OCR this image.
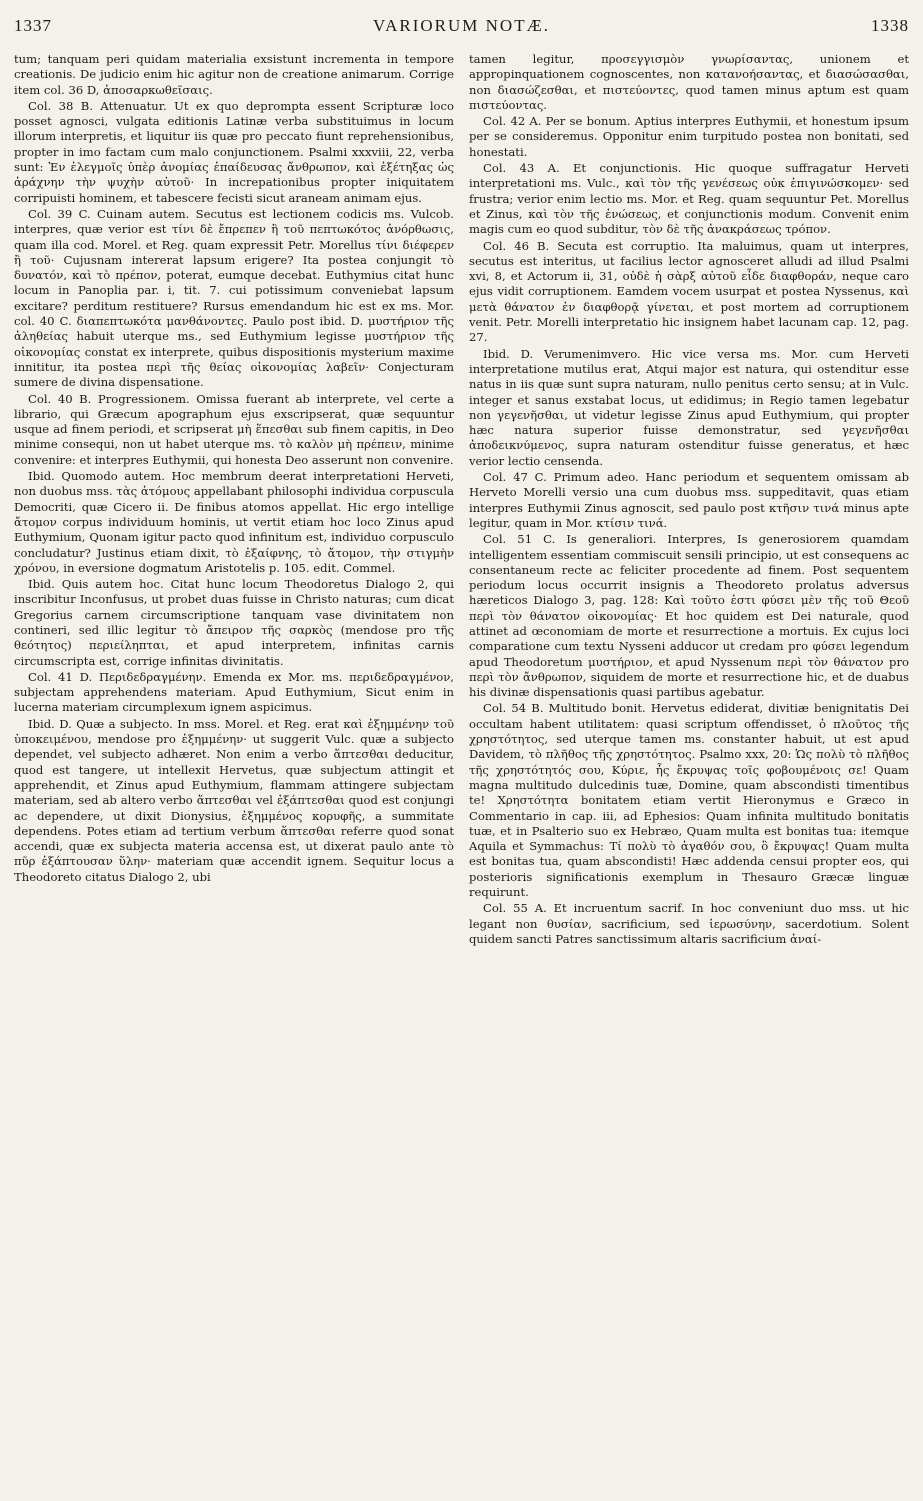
1337	VARIORUM NOTÆ.	1338

tum; tanquam peri quidam materialia exsistunt incrementa in tempore creationis. De judicio enim hic agitur non de creatione animarum. Corrige item col. 36 D, ἀποσαρκωθεῖσαις.

Col. 38 B. Attenuatur. Ut ex quo deprompta essent Scripturæ loco posset agnosci, vulgata editionis Latinæ verba substituimus in locum illorum interpretis, et liquitur iis quæ pro peccato fiunt reprehensionibus, propter in imo factam cum malo conjunctionem. Psalmi xxxviii, 22, verba sunt: Ἐν ἐλεγμοῖς ὑπὲρ ἀνομίας ἐπαίδευσας ἄνθρωπον, καὶ ἐξέτηξας ὡς ἀράχνην τὴν ψυχὴν αὐτοῦ· In increpationibus propter iniquitatem corripuisti hominem, et tabescere fecisti sicut araneam animam ejus.

Col. 39 C. Cuinam autem. Secutus est lectionem codicis ms. Vulcob. interpres, quæ verior est τίνι δὲ ἔπρεπεν ἢ τοῦ πεπτωκότος ἀνόρθωσις, quam illa cod. Morel. et Reg. quam expressit Petr. Morellus τίνι διέφερεν ἢ τοῦ· Cujusnam intererat lapsum erigere? Ita postea conjungit τὸ δυνατόν, καὶ τὸ πρέπον, poterat, eumque decebat. Euthymius citat hunc locum in Panoplia par. i, tit. 7. cui potissimum conveniebat lapsum excitare? perditum restituere? Rursus emendandum hic est ex ms. Mor. col. 40 C. διαπεπτωκότα μανθάνοντες. Paulo post ibid. D. μυστήριον τῆς ἀληθείας habuit uterque ms., sed Euthymium legisse μυστήριον τῆς οἰκονομίας constat ex interprete, quibus dispositionis mysterium maxime innititur, ita postea περὶ τῆς θείας οἰκονομίας λαβεῖν· Conjecturam sumere de divina dispensatione.

Col. 40 B. Progressionem. Omissa fuerant ab interprete, vel certe a librario, qui Græcum apographum ejus exscripserat, quæ sequuntur usque ad finem periodi, et scripserat μὴ ἕπεσθαι sub finem capitis, in Deo minime consequi, non ut habet uterque ms. τὸ καλὸν μὴ πρέπειν, minime convenire: et interpres Euthymii, qui honesta Deo asserunt non convenire.

Ibid. Quomodo autem. Hoc membrum deerat interpretationi Herveti, non duobus mss. τὰς ἀτόμους appellabant philosophi individua corpuscula Democriti, quæ Cicero ii. De finibus atomos appellat. Hic ergo intellige ἄτομον corpus individuum hominis, ut vertit etiam hoc loco Zinus apud Euthymium, Quonam igitur pacto quod infinitum est, individuo corpusculo concludatur? Justinus etiam dixit, τὸ ἐξαίφνης, τὸ ἄτομον, τὴν στιγμὴν χρόνου, in eversione dogmatum Aristotelis p. 105. edit. Commel.

Ibid. Quis autem hoc. Citat hunc locum Theodoretus Dialogo 2, qui inscribitur Inconfusus, ut probet duas fuisse in Christo naturas; cum dicat Gregorius carnem circumscriptione tanquam vase divinitatem non contineri, sed illic legitur τὸ ἄπειρον τῆς σαρκὸς (mendose pro τῆς θεότητος) περιείληπται, et apud interpretem, infinitas carnis circumscripta est, corrige infinitas divinitatis.

Col. 41 D. Περιδεδραγμένην. Emenda ex Mor. ms. περιδεδραγμένον, subjectam apprehendens materiam. Apud Euthymium, Sicut enim in lucerna materiam circumplexum ignem aspicimus.

Ibid. D. Quæ a subjecto. In mss. Morel. et Reg. erat καὶ ἐξημμένην τοῦ ὑποκειμένου, mendose pro ἐξημμένην· ut suggerit Vulc. quæ a subjecto dependet, vel subjecto adhæret. Non enim a verbo ἅπτεσθαι deducitur, quod est tangere, ut intellexit Hervetus, quæ subjectum attingit et apprehendit, et Zinus apud Euthymium, flammam attingere subjectam materiam, sed ab altero verbo ἅπτεσθαι vel ἐξάπτεσθαι quod est conjungi ac dependere, ut dixit Dionysius, ἐξημμένος κορυφῆς, a summitate dependens. Potes etiam ad tertium verbum ἅπτεσθαι referre quod sonat accendi, quæ ex subjecta materia accensa est, ut dixerat paulo ante τὸ πῦρ ἐξάπτουσαν ὕλην· materiam quæ accendit ignem. Sequitur locus a Theodoreto citatus Dialogo 2, ubi

tamen legitur, προσεγγισμὸν γνωρίσαντας, unionem et appropinquationem cognoscentes, non κατανοήσαντας, et διασώσασθαι, non διασώζεσθαι, et πιστεύοντες, quod tamen minus aptum est quam πιστεύοντας.

Col. 42 A. Per se bonum. Aptius interpres Euthymii, et honestum ipsum per se consideremus. Opponitur enim turpitudo postea non bonitati, sed honestati.

Col. 43 A. Et conjunctionis. Hic quoque suffragatur Herveti interpretationi ms. Vulc., καὶ τὸν τῆς γενέσεως οὐκ ἐπιγινώσκομεν· sed frustra; verior enim lectio ms. Mor. et Reg. quam sequuntur Pet. Morellus et Zinus, καὶ τὸν τῆς ἑνώσεως, et conjunctionis modum. Convenit enim magis cum eo quod subditur, τὸν δὲ τῆς ἀνακράσεως τρόπον.

Col. 46 B. Secuta est corruptio. Ita maluimus, quam ut interpres, secutus est interitus, ut facilius lector agnosceret alludi ad illud Psalmi xvi, 8, et Actorum ii, 31, οὐδὲ ἡ σὰρξ αὐτοῦ εἶδε διαφθοράν, neque caro ejus vidit corruptionem. Eamdem vocem usurpat et postea Nyssenus, καὶ μετὰ θάνατον ἐν διαφθορᾷ γίνεται, et post mortem ad corruptionem venit. Petr. Morelli interpretatio hic insignem habet lacunam cap. 12, pag. 27.

Ibid. D. Verumenimvero. Hic vice versa ms. Mor. cum Herveti interpretatione mutilus erat, Atqui major est natura, qui ostenditur esse natus in iis quæ sunt supra naturam, nullo penitus certo sensu; at in Vulc. integer et sanus exstabat locus, ut edidimus; in Regio tamen legebatur non γεγενῆσθαι, ut videtur legisse Zinus apud Euthymium, qui propter hæc natura superior fuisse demonstratur, sed γεγενῆσθαι ἀποδεικνύμενος, supra naturam ostenditur fuisse generatus, et hæc verior lectio censenda.

Col. 47 C. Primum adeo. Hanc periodum et sequentem omissam ab Herveto Morelli versio una cum duobus mss. suppeditavit, quas etiam interpres Euthymii Zinus agnoscit, sed paulo post κτῆσιν τινά minus apte legitur, quam in Mor. κτίσιν τινά.

Col. 51 C. Is generaliori. Interpres, Is generosiorem quamdam intelligentem essentiam commiscuit sensili principio, ut est consequens ac consentaneum recte ac feliciter procedente ad finem. Post sequentem periodum locus occurrit insignis a Theodoreto prolatus adversus hæreticos Dialogo 3, pag. 128: Καὶ τοῦτο ἐστι φύσει μὲν τῆς τοῦ Θεοῦ περὶ τὸν θάνατον οἰκονομίας· Et hoc quidem est Dei naturale, quod attinet ad œconomiam de morte et resurrectione a mortuis. Ex cujus loci comparatione cum textu Nysseni adducor ut credam pro φύσει legendum apud Theodoretum μυστήριον, et apud Nyssenum περὶ τὸν θάνατον pro περὶ τὸν ἄνθρωπον, siquidem de morte et resurrectione hic, et de duabus his divinæ dispensationis quasi partibus agebatur.

Col. 54 B. Multitudo bonit. Hervetus ediderat, divitiæ benignitatis Dei occultam habent utilitatem: quasi scriptum offendisset, ὁ πλοῦτος τῆς χρηστότητος, sed uterque tamen ms. constanter habuit, ut est apud Davidem, τὸ πλῆθος τῆς χρηστότητος. Psalmo xxx, 20: Ὡς πολὺ τὸ πλῆθος τῆς χρηστότητός σου, Κύριε, ἧς ἔκρυψας τοῖς φοβουμένοις σε! Quam magna multitudo dulcedinis tuæ, Domine, quam abscondisti timentibus te! Χρηστότητα bonitatem etiam vertit Hieronymus e Græco in Commentario in cap. iii, ad Ephesios: Quam infinita multitudo bonitatis tuæ, et in Psalterio suo ex Hebræo, Quam multa est bonitas tua: itemque Aquila et Symmachus: Τί πολὺ τὸ ἀγαθόν σου, ὃ ἔκρυψας! Quam multa est bonitas tua, quam abscondisti! Hæc addenda censui propter eos, qui posterioris significationis exemplum in Thesauro Græcæ linguæ requirunt.

Col. 55 A. Et incruentum sacrif. In hoc conveniunt duo mss. ut hic legant non θυσίαν, sacrificium, sed ἱερωσύνην, sacerdotium. Solent quidem sancti Patres sanctissimum altaris sacrificium ἀναί-
